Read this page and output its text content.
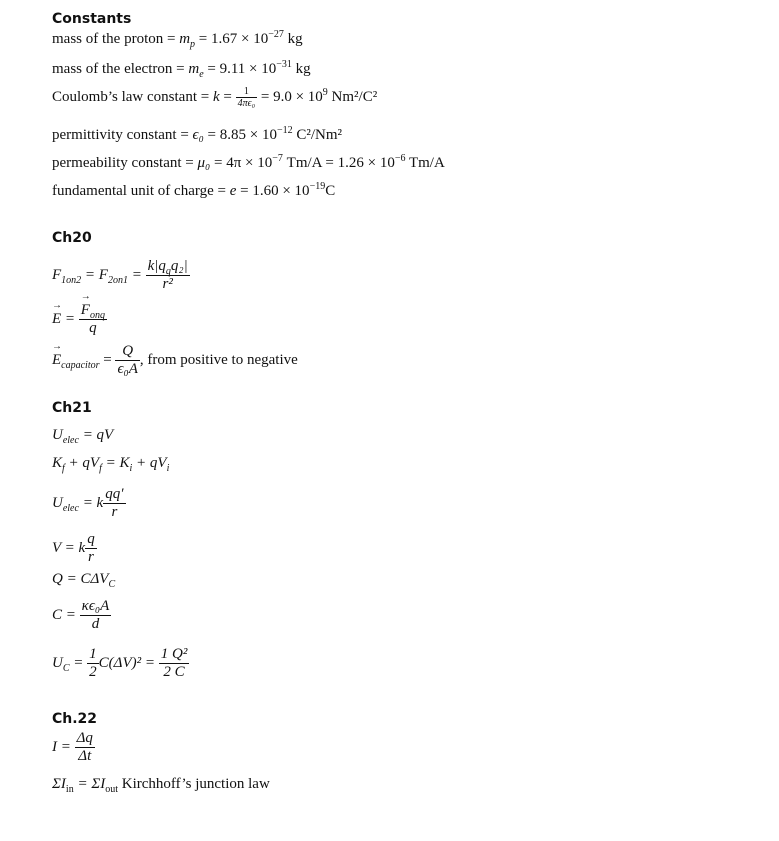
Constants
mass of the proton = $m_p = 1.67 \times 10^{-27}$ kg
mass of the electron = $m_e = 9.11 \times 10^{-31}$ kg
Coulomb’s law constant = $k = \frac{1}{\text{4πϵ₀}} = 9.0 \times 10^9$ Nm²/C²
permittivity constant = $\epsilon_0 = 8.85 \times 10^{-12}$ C²/Nm²
permeability constant = $\mu_0 = 4\pi \times 10^{-7}$ $Tm/A = 1.26 \times 10^{-6}$ Tm/A
fundamental unit of charge = $e = 1.60 \times 10^{-19}C$
Ch20
$F_{1on2} = F_{2on1} = \frac{k|q_qq_2|}{\text{r²}}$
→ E =
→ $\frac{F_{onq}}{q}$
→ $E_{capacitor} = \frac{Q}{\text{ϵ₀A}}$ , from positive to negative
Ch21
$U_{elec}$ = qV
$K_f + qV_f = K_i + qV_i$
$U_{elec} = k \frac{qq'}{r}$
V = k $\frac{q}{r}$
$Q = C\Delta V_C$
$C = \frac{\text{κϵ₀A}}{d}$
$U_C = \frac{1}{2} C(\Delta V)^2 = \frac{\text{1 Q²}}{2 C}$
Ch.22
$I = \frac{\Delta q}{\Delta t}$
$\Sigma I_{in} = \Sigma I_{out}$ Kirchhoff’s junction law
